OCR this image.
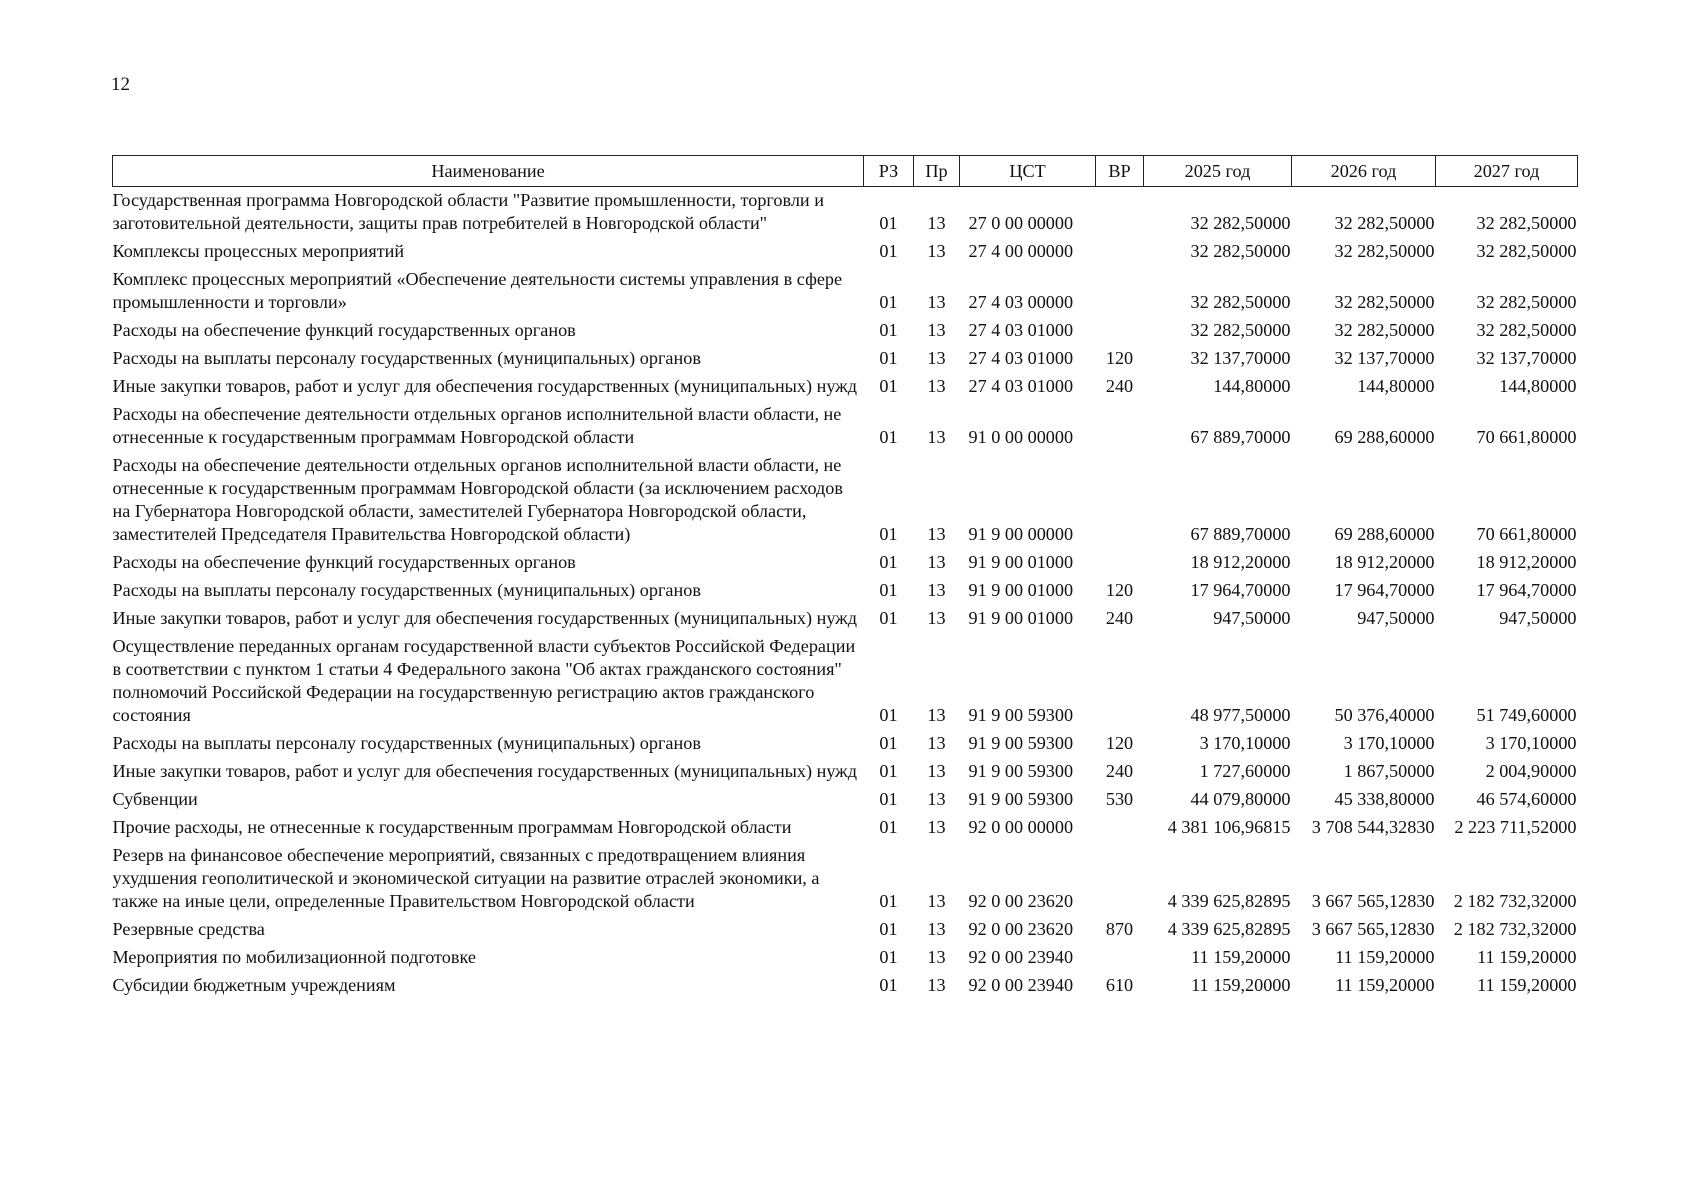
12
Наименование	РЗ	Пр	ЦСТ	ВР	2025 год	2026 год	2027 год
Государственная программа Новгородской области "Развитие промышленности, торговли и заготовительной деятельности, защиты прав потребителей в Новгородской области"	01	13	27 0 00 00000		32 282,50000	32 282,50000	32 282,50000
Комплексы процессных мероприятий	01	13	27 4 00 00000		32 282,50000	32 282,50000	32 282,50000
Комплекс процессных мероприятий «Обеспечение деятельности системы управления в сфере промышленности и торговли»	01	13	27 4 03 00000		32 282,50000	32 282,50000	32 282,50000
Расходы на обеспечение функций государственных органов	01	13	27 4 03 01000		32 282,50000	32 282,50000	32 282,50000
Расходы на выплаты персоналу государственных (муниципальных) органов	01	13	27 4 03 01000	120	32 137,70000	32 137,70000	32 137,70000
Иные закупки товаров, работ и услуг для обеспечения государственных (муниципальных) нужд	01	13	27 4 03 01000	240	144,80000	144,80000	144,80000
Расходы на обеспечение деятельности отдельных органов исполнительной власти области, не отнесенные к государственным программам Новгородской области	01	13	91 0 00 00000		67 889,70000	69 288,60000	70 661,80000
Расходы на обеспечение деятельности отдельных органов исполнительной власти области, не отнесенные к государственным программам Новгородской области (за исключением расходов на Губернатора Новгородской области, заместителей Губернатора Новгородской области, заместителей Председателя Правительства Новгородской области)	01	13	91 9 00 00000		67 889,70000	69 288,60000	70 661,80000
Расходы на обеспечение функций государственных органов	01	13	91 9 00 01000		18 912,20000	18 912,20000	18 912,20000
Расходы на выплаты персоналу государственных (муниципальных) органов	01	13	91 9 00 01000	120	17 964,70000	17 964,70000	17 964,70000
Иные закупки товаров, работ и услуг для обеспечения государственных (муниципальных) нужд	01	13	91 9 00 01000	240	947,50000	947,50000	947,50000
Осуществление переданных органам государственной власти субъектов Российской Федерации в соответствии с пунктом 1 статьи 4 Федерального закона "Об актах гражданского состояния" полномочий Российской Федерации на государственную регистрацию актов гражданского состояния	01	13	91 9 00 59300		48 977,50000	50 376,40000	51 749,60000
Расходы на выплаты персоналу государственных (муниципальных) органов	01	13	91 9 00 59300	120	3 170,10000	3 170,10000	3 170,10000
Иные закупки товаров, работ и услуг для обеспечения государственных (муниципальных) нужд	01	13	91 9 00 59300	240	1 727,60000	1 867,50000	2 004,90000
Субвенции	01	13	91 9 00 59300	530	44 079,80000	45 338,80000	46 574,60000
Прочие расходы, не отнесенные к государственным программам Новгородской области	01	13	92 0 00 00000		4 381 106,96815	3 708 544,32830	2 223 711,52000
Резерв на финансовое обеспечение мероприятий, связанных с предотвращением влияния ухудшения геополитической и экономической ситуации на развитие отраслей экономики, а также на иные цели, определенные Правительством Новгородской области	01	13	92 0 00 23620		4 339 625,82895	3 667 565,12830	2 182 732,32000
Резервные средства	01	13	92 0 00 23620	870	4 339 625,82895	3 667 565,12830	2 182 732,32000
Мероприятия по мобилизационной подготовке	01	13	92 0 00 23940		11 159,20000	11 159,20000	11 159,20000
Субсидии бюджетным учреждениям	01	13	92 0 00 23940	610	11 159,20000	11 159,20000	11 159,20000
